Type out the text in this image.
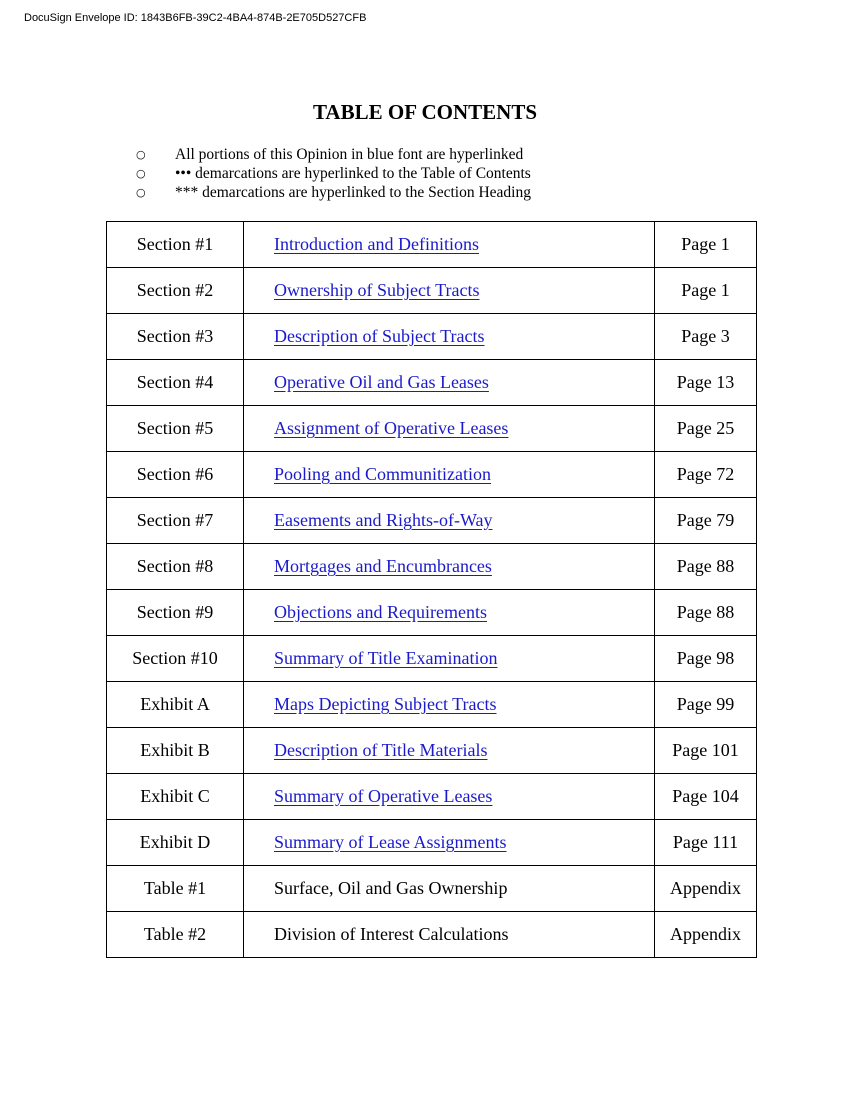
DocuSign Envelope ID: 1843B6FB-39C2-4BA4-874B-2E705D527CFB
TABLE OF CONTENTS
○	All portions of this Opinion in blue font are hyperlinked
○	••• demarcations are hyperlinked to the Table of Contents
○	*** demarcations are hyperlinked to the Section Heading
Section #1	Introduction and Definitions	Page 1
Section #2	Ownership of Subject Tracts	Page 1
Section #3	Description of Subject Tracts	Page 3
Section #4	Operative Oil and Gas Leases	Page 13
Section #5	Assignment of Operative Leases	Page 25
Section #6	Pooling and Communitization	Page 72
Section #7	Easements and Rights-of-Way	Page 79
Section #8	Mortgages and Encumbrances	Page 88
Section #9	Objections and Requirements	Page 88
Section #10	Summary of Title Examination	Page 98
Exhibit A	Maps Depicting Subject Tracts	Page 99
Exhibit B	Description of Title Materials	Page 101
Exhibit C	Summary of Operative Leases	Page 104
Exhibit D	Summary of Lease Assignments	Page 111
Table #1	Surface, Oil and Gas Ownership	Appendix
Table #2	Division of Interest Calculations	Appendix
